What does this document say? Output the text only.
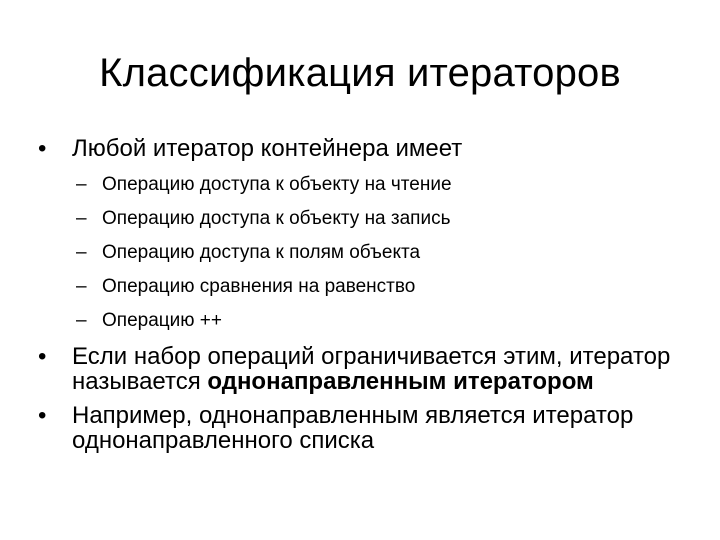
Классификация итераторов
•	Любой итератор контейнера имеет
– Операцию доступа к объекту на чтение
– Операцию доступа к объекту на запись
– Операцию доступа к полям объекта
– Операцию сравнения на равенство
– Операцию ++
•	Если набор операций ограничивается этим, итератор называется однонаправленным итератором
•	Например, однонаправленным является итератор однонаправленного списка
